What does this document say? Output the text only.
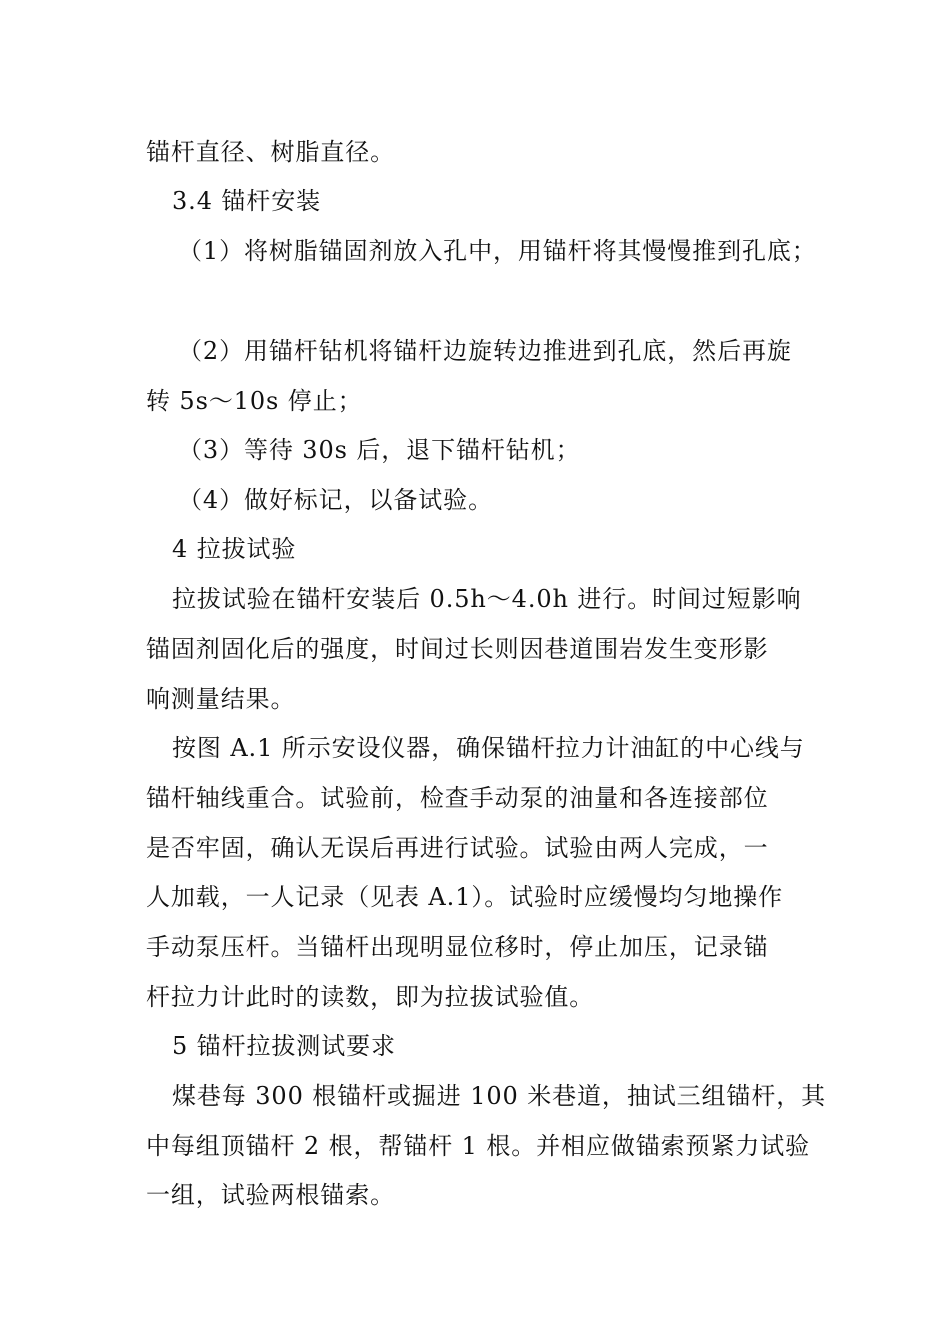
锚杆直径、树脂直径。
3.4 锚杆安装
（1）将树脂锚固剂放入孔中，用锚杆将其慢慢推到孔底；
（2）用锚杆钻机将锚杆边旋转边推进到孔底，然后再旋
转 5s～10s 停止；
（3）等待 30s 后，退下锚杆钻机；
（4）做好标记，以备试验。
4 拉拔试验
拉拔试验在锚杆安装后 0.5h～4.0h 进行。时间过短影响
锚固剂固化后的强度，时间过长则因巷道围岩发生变形影
响测量结果。
按图 A.1 所示安设仪器，确保锚杆拉力计油缸的中心线与
锚杆轴线重合。试验前，检查手动泵的油量和各连接部位
是否牢固，确认无误后再进行试验。试验由两人完成，一
人加载，一人记录（见表 A.1）。试验时应缓慢均匀地操作
手动泵压杆。当锚杆出现明显位移时，停止加压，记录锚
杆拉力计此时的读数，即为拉拔试验值。
5 锚杆拉拔测试要求
煤巷每 300 根锚杆或掘进 100 米巷道，抽试三组锚杆，其
中每组顶锚杆 2 根，帮锚杆 1 根。并相应做锚索预紧力试验
一组，试验两根锚索。
